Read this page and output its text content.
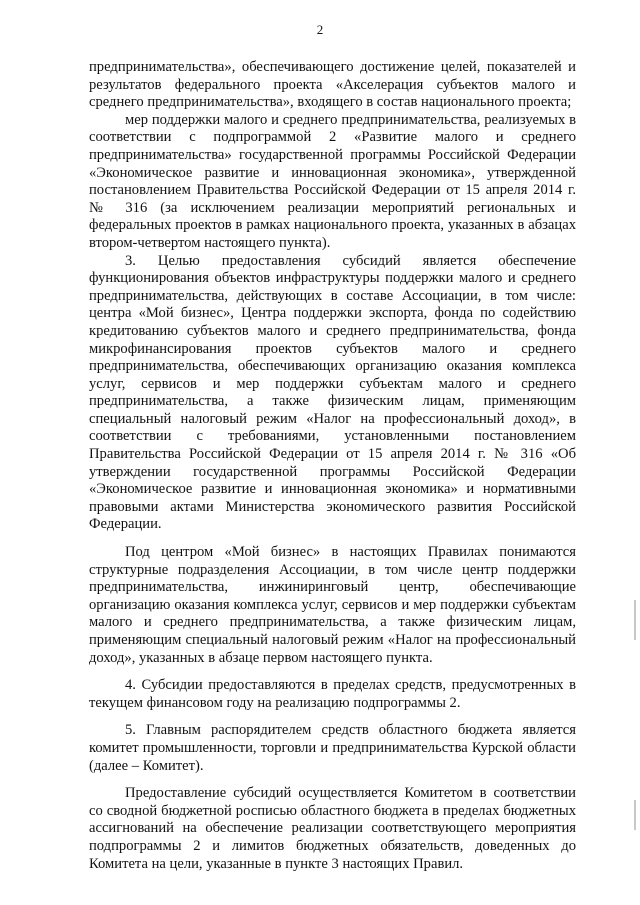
2

предпринимательства», обеспечивающего достижение целей, показателей и результатов федерального проекта «Акселерация субъектов малого и среднего предпринимательства», входящего в состав национального проекта;

мер поддержки малого и среднего предпринимательства, реализуемых в соответствии с подпрограммой 2 «Развитие малого и среднего предпринимательства» государственной программы Российской Федерации «Экономическое развитие и инновационная экономика», утвержденной постановлением Правительства Российской Федерации от 15 апреля 2014 г. № 316 (за исключением реализации мероприятий региональных и федеральных проектов в рамках национального проекта, указанных в абзацах втором-четвертом настоящего пункта).

3. Целью предоставления субсидий является обеспечение функционирования объектов инфраструктуры поддержки малого и среднего предпринимательства, действующих в составе Ассоциации, в том числе: центра «Мой бизнес», Центра поддержки экспорта, фонда по содействию кредитованию субъектов малого и среднего предпринимательства, фонда микрофинансирования проектов субъектов малого и среднего предпринимательства, обеспечивающих организацию оказания комплекса услуг, сервисов и мер поддержки субъектам малого и среднего предпринимательства, а также физическим лицам, применяющим специальный налоговый режим «Налог на профессиональный доход», в соответствии с требованиями, установленными постановлением Правительства Российской Федерации от 15 апреля 2014 г. № 316 «Об утверждении государственной программы Российской Федерации «Экономическое развитие и инновационная экономика» и нормативными правовыми актами Министерства экономического развития Российской Федерации.

Под центром «Мой бизнес» в настоящих Правилах понимаются структурные подразделения Ассоциации, в том числе центр поддержки предпринимательства, инжиниринговый центр, обеспечивающие организацию оказания комплекса услуг, сервисов и мер поддержки субъектам малого и среднего предпринимательства, а также физическим лицам, применяющим специальный налоговый режим «Налог на профессиональный доход», указанных в абзаце первом настоящего пункта.

4. Субсидии предоставляются в пределах средств, предусмотренных в текущем финансовом году на реализацию подпрограммы 2.

5. Главным распорядителем средств областного бюджета является комитет промышленности, торговли и предпринимательства Курской области (далее – Комитет).

Предоставление субсидий осуществляется Комитетом в соответствии со сводной бюджетной росписью областного бюджета в пределах бюджетных ассигнований на обеспечение реализации соответствующего мероприятия подпрограммы 2 и лимитов бюджетных обязательств, доведенных до Комитета на цели, указанные в пункте 3 настоящих Правил.
